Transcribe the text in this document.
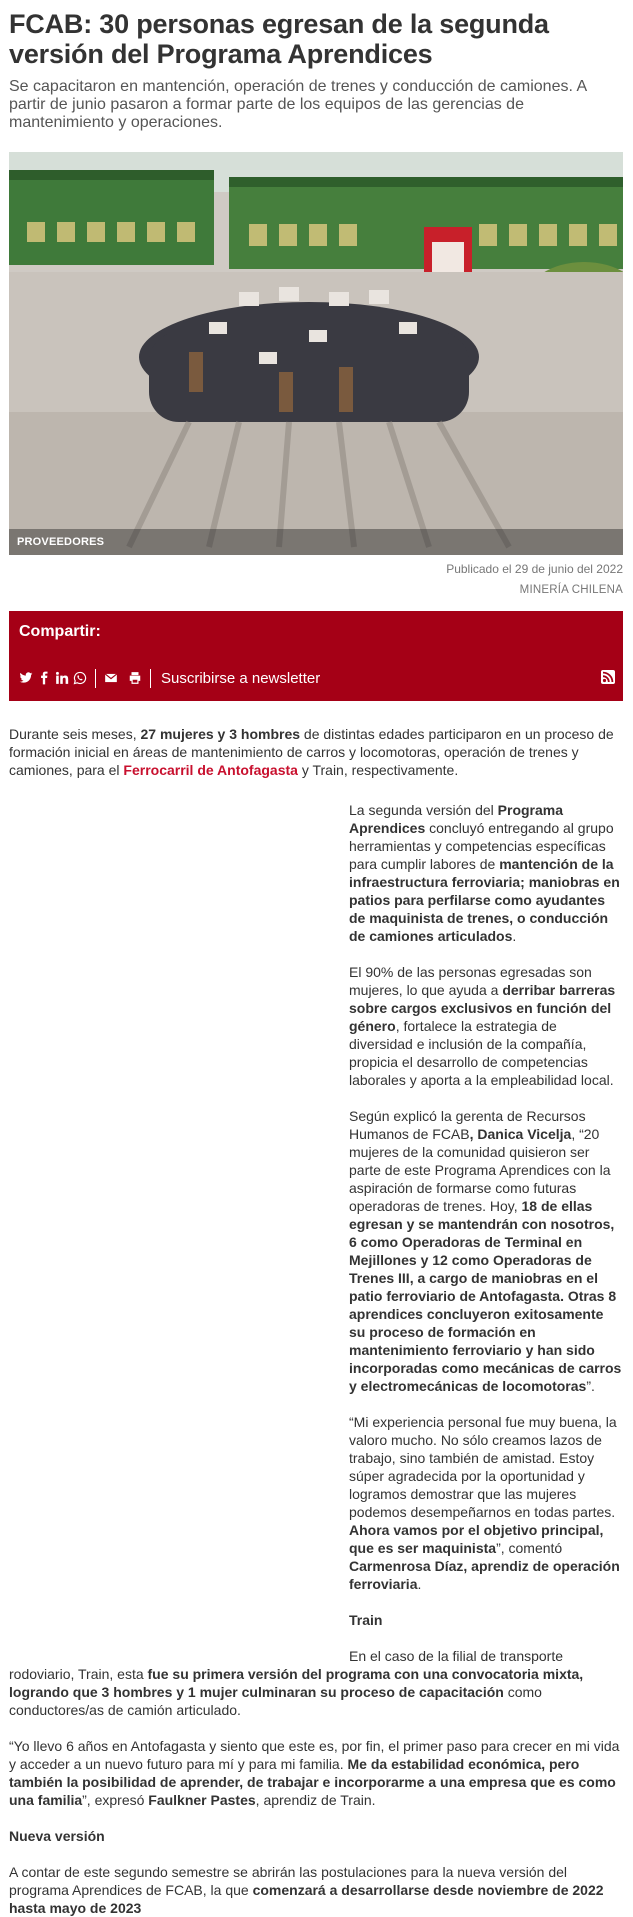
FCAB: 30 personas egresan de la segunda versión del Programa Aprendices

Se capacitaron en mantención, operación de trenes y conducción de camiones. A partir de junio pasaron a formar parte de los equipos de las gerencias de mantenimiento y operaciones.

PROVEEDORES
Publicado el 29 de junio del 2022
MINERÍA CHILENA
Compartir:
Suscribirse a newsletter

Durante seis meses, 27 mujeres y 3 hombres de distintas edades participaron en un proceso de formación inicial en áreas de mantenimiento de carros y locomotoras, operación de trenes y camiones, para el Ferrocarril de Antofagasta y Train, respectivamente.

La segunda versión del Programa Aprendices concluyó entregando al grupo herramientas y competencias específicas para cumplir labores de mantención de la infraestructura ferroviaria; maniobras en patios para perfilarse como ayudantes de maquinista de trenes, o conducción de camiones articulados.

El 90% de las personas egresadas son mujeres, lo que ayuda a derribar barreras sobre cargos exclusivos en función del género, fortalece la estrategia de diversidad e inclusión de la compañía, propicia el desarrollo de competencias laborales y aporta a la empleabilidad local.

Según explicó la gerenta de Recursos Humanos de FCAB, Danica Vicelja, “20 mujeres de la comunidad quisieron ser parte de este Programa Aprendices con la aspiración de formarse como futuras operadoras de trenes. Hoy, 18 de ellas egresan y se mantendrán con nosotros, 6 como Operadoras de Terminal en Mejillones y 12 como Operadoras de Trenes III, a cargo de maniobras en el patio ferroviario de Antofagasta. Otras 8 aprendices concluyeron exitosamente su proceso de formación en mantenimiento ferroviario y han sido incorporadas como mecánicas de carros y electromecánicas de locomotoras”.

“Mi experiencia personal fue muy buena, la valoro mucho. No sólo creamos lazos de trabajo, sino también de amistad. Estoy súper agradecida por la oportunidad y logramos demostrar que las mujeres podemos desempeñarnos en todas partes. Ahora vamos por el objetivo principal, que es ser maquinista”, comentó Carmenrosa Díaz, aprendiz de operación ferroviaria.

Train

En el caso de la filial de transporte rodoviario, Train, esta fue su primera versión del programa con una convocatoria mixta, logrando que 3 hombres y 1 mujer culminaran su proceso de capacitación como conductores/as de camión articulado.

“Yo llevo 6 años en Antofagasta y siento que este es, por fin, el primer paso para crecer en mi vida y acceder a un nuevo futuro para mí y para mi familia. Me da estabilidad económica, pero también la posibilidad de aprender, de trabajar e incorporarme a una empresa que es como una familia”, expresó Faulkner Pastes, aprendiz de Train.

Nueva versión

A contar de este segundo semestre se abrirán las postulaciones para la nueva versión del programa Aprendices de FCAB, la que comenzará a desarrollarse desde noviembre de 2022 hasta mayo de 2023
